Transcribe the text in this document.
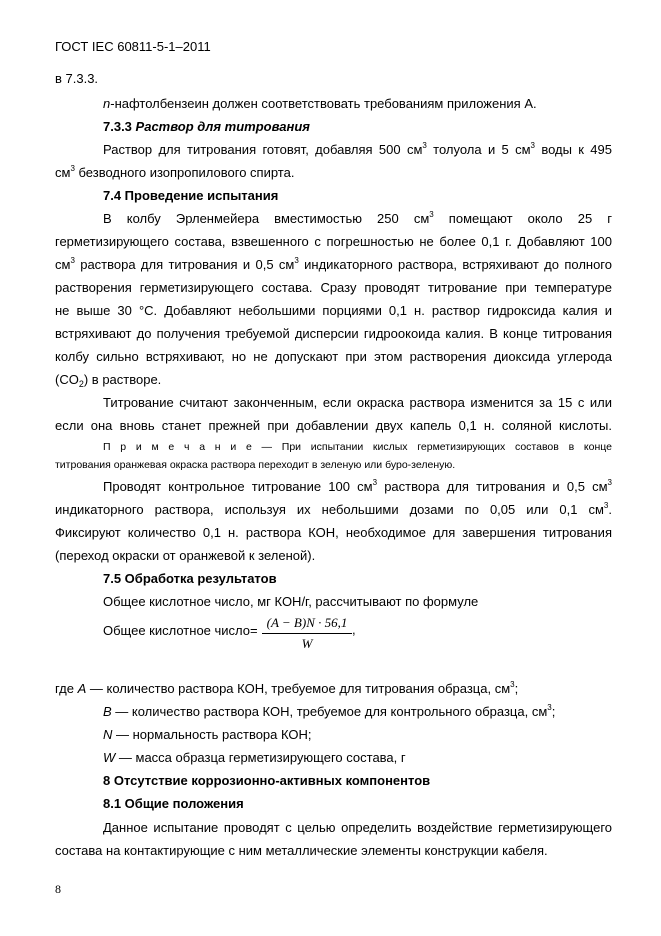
ГОСТ IEC 60811-5-1–2011
в 7.3.3.
n-нафтолбензеин должен соответствовать требованиям приложения А.
7.3.3 Раствор для титрования
Раствор для титрования готовят, добавляя 500 $см^3$ толуола и 5 $см^3$ воды к 495
$см^3$ безводного изопропилового спирта.
7.4 Проведение испытания
В колбу Эрленмейера вместимостью 250 $см^3$ помещают около 25 г
герметизирующего состава, взвешенного с погрешностью не более 0,1 г. Добавляют 100
$см^3$ раствора для титрования и 0,5 $см^3$ индикаторного раствора, встряхивают до полного
растворения герметизирующего состава. Сразу проводят титрование при температуре
не выше 30 °C. Добавляют небольшими порциями 0,1 н. раствор гидроксида калия и
встряхивают до получения требуемой дисперсии гидроокоида калия. В конце титрования
колбу сильно встряхивают, но не допускают при этом растворения диоксида углерода
$(CO_2)$ в растворе.
Титрование считают законченным, если окраска раствора изменится за 15 с или
если она вновь станет прежней при добавлении двух капель 0,1 н. соляной кислоты.
П р и м е ч а н и е — При испытании кислых герметизирующих составов в конце
титрования оранжевая окраска раствора переходит в зеленую или буро-зеленую.
Проводят контрольное титрование 100 $см^3$ раствора для титрования и 0,5 $см^3$
индикаторного раствора, используя их небольшими дозами по 0,05 или 0,1 $см^3$.
Фиксируют количество 0,1 н. раствора КОН, необходимое для завершения титрования
(переход окраски от оранжевой к зеленой).
7.5 Обработка результатов
Общее кислотное число, мг КОН/г, рассчитывают по формуле
Общее кислотное число=
(A − B)N · 56,1
W
,
где A — количество раствора КОН, требуемое для титрования образца, $см^3$;
B — количество раствора КОН, требуемое для контрольного образца, $см^3$;
N — нормальность раствора КОН;
W — масса образца герметизирующего состава, г
8 Отсутствие коррозионно-активных компонентов
8.1 Общие положения
Данное испытание проводят с целью определить воздействие герметизирующего
состава на контактирующие с ним металлические элементы конструкции кабеля.
8
